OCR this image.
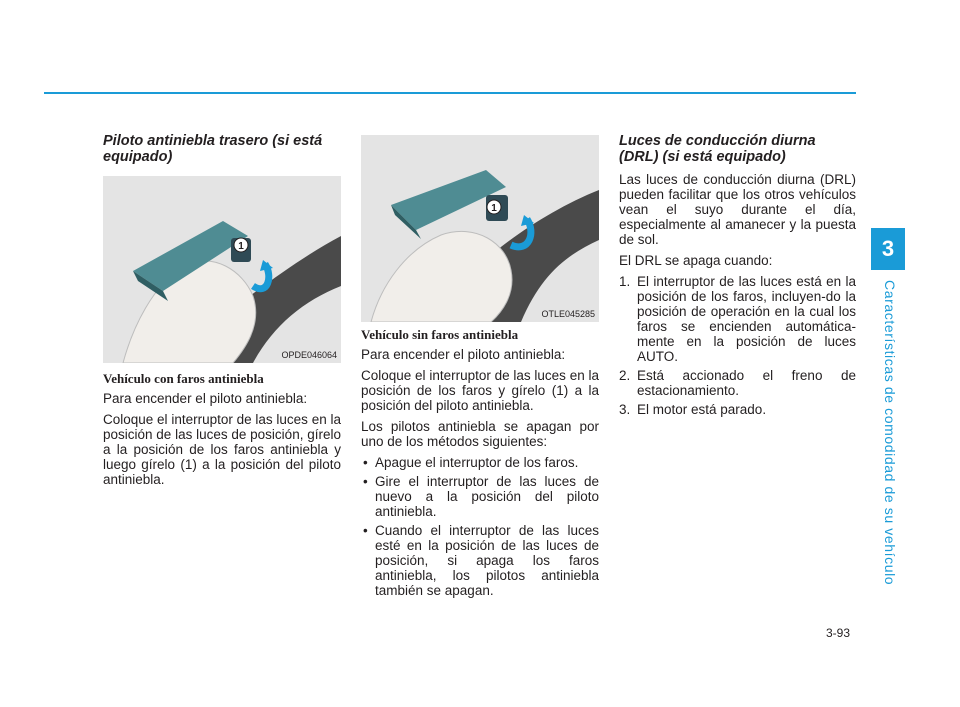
Piloto antiniebla trasero (si está equipado)
1
OPDE046064
Vehículo con faros antiniebla

Para encender el piloto antiniebla:

Coloque el interruptor de las luces en la posición de las luces de posición, gírelo a la posición de los faros antiniebla y luego gírelo (1) a la posición del piloto antiniebla.

1
OTLE045285
Vehículo sin faros antiniebla

Para encender el piloto antiniebla:

Coloque el interruptor de las luces en la posición de los faros y gírelo (1) a la posición del piloto antiniebla.

Los pilotos antiniebla se apagan por uno de los métodos siguientes:

• Apague el interruptor de los faros.
• Gire el interruptor de las luces de nuevo a la posición del piloto antiniebla.
• Cuando el interruptor de las luces esté en la posición de las luces de posición, si apaga los faros antiniebla, los pilotos antiniebla también se apagan.
Luces de conducción diurna (DRL) (si está equipado)

Las luces de conducción diurna (DRL) pueden facilitar que los otros vehículos vean el suyo durante el día, especialmente al amanecer y la puesta de sol.

El DRL se apaga cuando:

1. El interruptor de las luces está en la posición de los faros, incluyen-do la posición de operación en la cual los faros se encienden automática-mente en la posición de luces AUTO.
2. Está accionado el freno de estacionamiento.
3. El motor está parado.
3
Características de comodidad de su vehículo
3-93
